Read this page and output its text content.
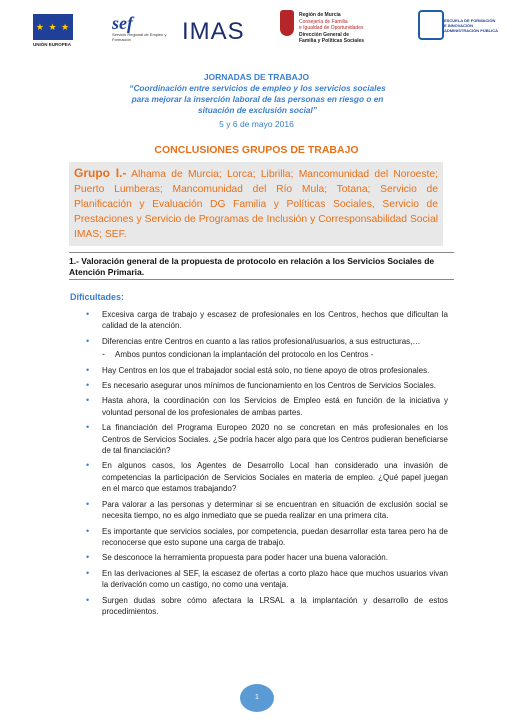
★ ★ ★
UNIÓN EUROPEA
sef
Servicio Regional de Empleo y Formación	IMAS
Región de Murcia
Consejería de Familia
e Igualdad de Oportunidades
Dirección General de
Familia y Políticas Sociales
ESCUELA DE FORMACIÓN
E INNOVACIÓN
ADMINISTRACIÓN PÚBLICA
JORNADAS DE TRABAJO
“Coordinación entre servicios de empleo y los servicios sociales para mejorar la inserción laboral de las personas en riesgo o en situación de exclusión social”
5 y 6 de mayo 2016
CONCLUSIONES GRUPOS DE TRABAJO
Grupo I.- Alhama de Murcia; Lorca; Librilla; Mancomunidad del Noroeste; Puerto Lumberas; Mancomunidad del Río Mula; Totana; Servicio de Planificación y Evaluación DG Familia y Políticas Sociales, Servicio de Prestaciones y Servicio de Programas de Inclusión y Corresponsabilidad Social IMAS; SEF.
1.- Valoración general de la propuesta de protocolo en relación a los Servicios Sociales de Atención Primaria.
Dificultades:
• Excesiva carga de trabajo y escasez de profesionales en los Centros, hechos que dificultan la calidad de la atención.
• Diferencias entre Centros en cuanto a las ratios profesional/usuarios, a sus estructuras,…
- Ambos puntos condicionan la implantación del protocolo en los Centros -
• Hay Centros en los que el trabajador social está solo, no tiene apoyo de otros profesionales.
• Es necesario asegurar unos mínimos de funcionamiento en los Centros de Servicios Sociales.
• Hasta ahora, la coordinación con los Servicios de Empleo está en función de la iniciativa y voluntad personal de los profesionales de ambas partes.
• La financiación del Programa Europeo 2020 no se concretan en más profesionales en los Centros de Servicios Sociales. ¿Se podría hacer algo para que los Centros pudieran beneficiarse de tal financiación?
• En algunos casos, los Agentes de Desarrollo Local han considerado una invasión de competencias la participación de Servicios Sociales en materia de empleo. ¿Qué papel juegan en el marco que estamos trabajando?
• Para valorar a las personas y determinar si se encuentran en situación de exclusión social se necesita tiempo, no es algo inmediato que se pueda realizar en una primera cita.
• Es importante que servicios sociales, por competencia, puedan desarrollar esta tarea pero ha de reconocerse que esto supone una carga de trabajo.
• Se desconoce la herramienta propuesta para poder hacer una buena valoración.
• En las derivaciones al SEF, la escasez de ofertas a corto plazo hace que muchos usuarios vivan la derivación como un castigo, no como una ventaja.
• Surgen dudas sobre cómo afectara la LRSAL a la implantación y desarrollo de estos procedimientos.
1
